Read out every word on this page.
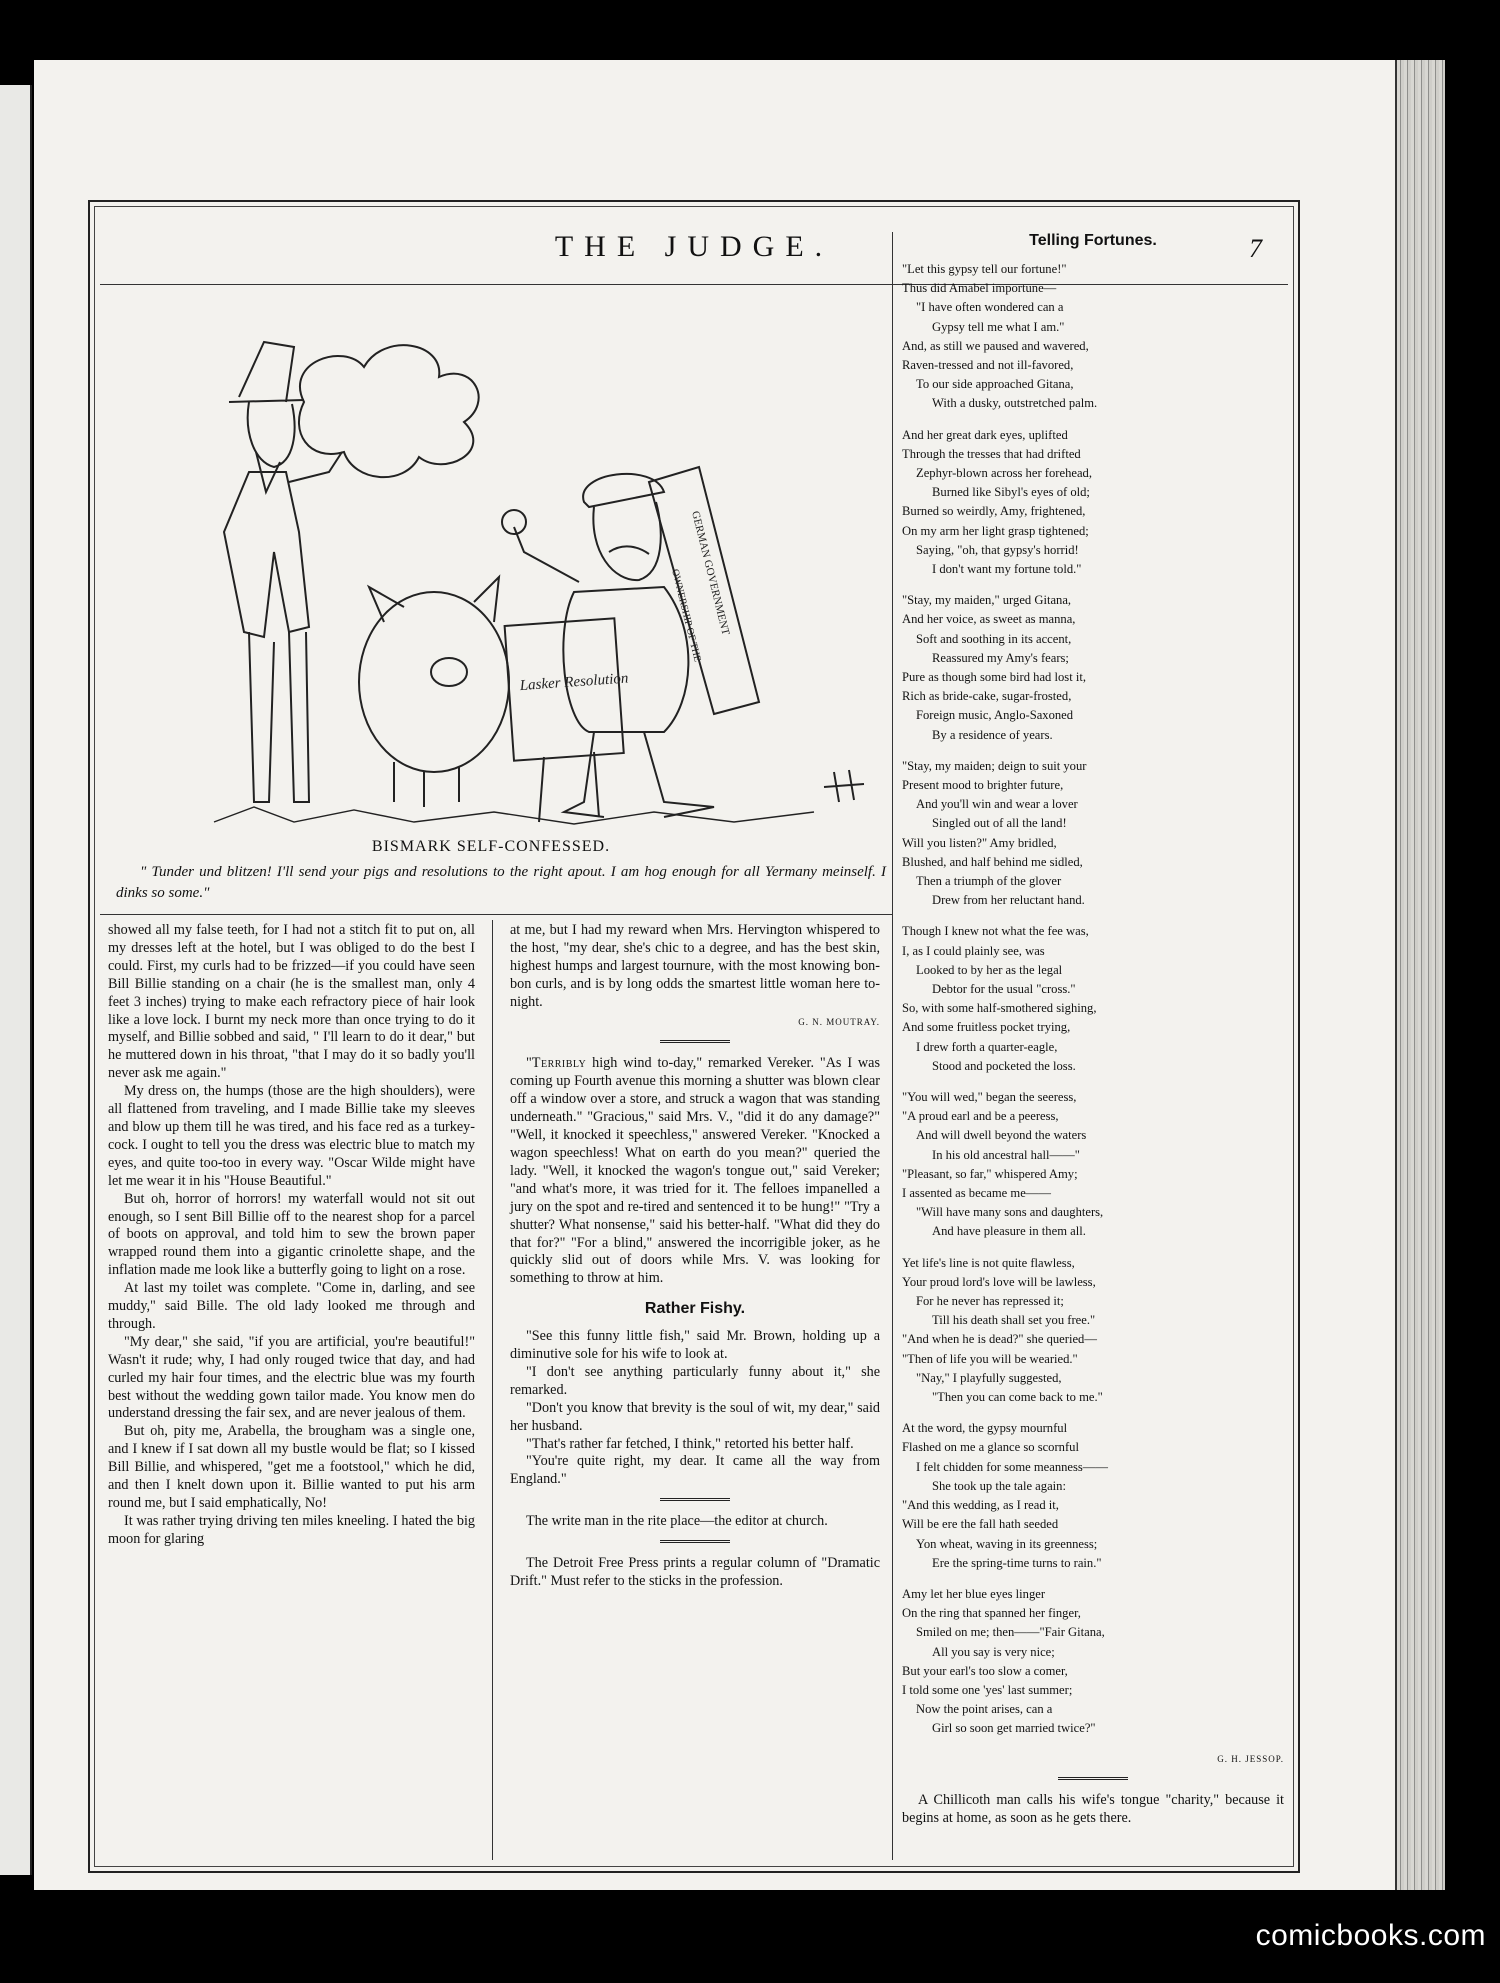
THE JUDGE.	7
Lasker Resolution
GERMAN GOVERNMENT
OWNERSHIP OF THE
BISMARK SELF-CONFESSED.
" Tunder und blitzen! I'll send your pigs and resolutions to the right apout. I am hog enough for all Yermany meinself. I dinks so some."

showed all my false teeth, for I had not a stitch fit to put on, all my dresses left at the hotel, but I was obliged to do the best I could. First, my curls had to be frizzed—if you could have seen Bill Billie standing on a chair (he is the smallest man, only 4 feet 3 inches) trying to make each refractory piece of hair look like a love lock. I burnt my neck more than once trying to do it myself, and Billie sobbed and said, " I'll learn to do it dear," but he muttered down in his throat, "that I may do it so badly you'll never ask me again."

My dress on, the humps (those are the high shoulders), were all flattened from traveling, and I made Billie take my sleeves and blow up them till he was tired, and his face red as a turkey-cock. I ought to tell you the dress was electric blue to match my eyes, and quite too-too in every way. "Oscar Wilde might have let me wear it in his "House Beautiful."

But oh, horror of horrors! my waterfall would not sit out enough, so I sent Bill Billie off to the nearest shop for a parcel of boots on approval, and told him to sew the brown paper wrapped round them into a gigantic crinolette shape, and the inflation made me look like a butterfly going to light on a rose.

At last my toilet was complete. "Come in, darling, and see muddy," said Bille. The old lady looked me through and through.

"My dear," she said, "if you are artificial, you're beautiful!" Wasn't it rude; why, I had only rouged twice that day, and had curled my hair four times, and the electric blue was my fourth best without the wedding gown tailor made. You know men do understand dressing the fair sex, and are never jealous of them.

But oh, pity me, Arabella, the brougham was a single one, and I knew if I sat down all my bustle would be flat; so I kissed Bill Billie, and whispered, "get me a footstool," which he did, and then I knelt down upon it. Billie wanted to put his arm round me, but I said emphatically, No!

It was rather trying driving ten miles kneeling. I hated the big moon for glaring

at me, but I had my reward when Mrs. Hervington whispered to the host, "my dear, she's chic to a degree, and has the best skin, highest humps and largest tournure, with the most knowing bon-bon curls, and is by long odds the smartest little woman here to-night.

G. N. MOUTRAY.

"Terribly high wind to-day," remarked Vereker. "As I was coming up Fourth avenue this morning a shutter was blown clear off a window over a store, and struck a wagon that was standing underneath." "Gracious," said Mrs. V., "did it do any damage?" "Well, it knocked it speechless," answered Vereker. "Knocked a wagon speechless! What on earth do you mean?" queried the lady. "Well, it knocked the wagon's tongue out," said Vereker; "and what's more, it was tried for it. The felloes impanelled a jury on the spot and re-tired and sentenced it to be hung!" "Try a shutter? What nonsense," said his better-half. "What did they do that for?" "For a blind," answered the incorrigible joker, as he quickly slid out of doors while Mrs. V. was looking for something to throw at him.

Rather Fishy.

"See this funny little fish," said Mr. Brown, holding up a diminutive sole for his wife to look at.

"I don't see anything particularly funny about it," she remarked.

"Don't you know that brevity is the soul of wit, my dear," said her husband.

"That's rather far fetched, I think," retorted his better half.

"You're quite right, my dear. It came all the way from England."

The write man in the rite place—the editor at church.

The Detroit Free Press prints a regular column of "Dramatic Drift." Must refer to the sticks in the profession.

Telling Fortunes.
"Let this gypsy tell our fortune!"
Thus did Amabel importune—
"I have often wondered can a
Gypsy tell me what I am."
And, as still we paused and wavered,
Raven-tressed and not ill-favored,
To our side approached Gitana,
With a dusky, outstretched palm.
And her great dark eyes, uplifted
Through the tresses that had drifted
Zephyr-blown across her forehead,
Burned like Sibyl's eyes of old;
Burned so weirdly, Amy, frightened,
On my arm her light grasp tightened;
Saying, "oh, that gypsy's horrid!
I don't want my fortune told."
"Stay, my maiden," urged Gitana,
And her voice, as sweet as manna,
Soft and soothing in its accent,
Reassured my Amy's fears;
Pure as though some bird had lost it,
Rich as bride-cake, sugar-frosted,
Foreign music, Anglo-Saxoned
By a residence of years.
"Stay, my maiden; deign to suit your
Present mood to brighter future,
And you'll win and wear a lover
Singled out of all the land!
Will you listen?" Amy bridled,
Blushed, and half behind me sidled,
Then a triumph of the glover
Drew from her reluctant hand.
Though I knew not what the fee was,
I, as I could plainly see, was
Looked to by her as the legal
Debtor for the usual "cross."
So, with some half-smothered sighing,
And some fruitless pocket trying,
I drew forth a quarter-eagle,
Stood and pocketed the loss.
"You will wed," began the seeress,
"A proud earl and be a peeress,
And will dwell beyond the waters
In his old ancestral hall——"
"Pleasant, so far," whispered Amy;
I assented as became me——
"Will have many sons and daughters,
And have pleasure in them all.
Yet life's line is not quite flawless,
Your proud lord's love will be lawless,
For he never has repressed it;
Till his death shall set you free."
"And when he is dead?" she queried—
"Then of life you will be wearied."
"Nay," I playfully suggested,
"Then you can come back to me."
At the word, the gypsy mournful
Flashed on me a glance so scornful
I felt chidden for some meanness——
She took up the tale again:
"And this wedding, as I read it,
Will be ere the fall hath seeded
Yon wheat, waving in its greenness;
Ere the spring-time turns to rain."
Amy let her blue eyes linger
On the ring that spanned her finger,
Smiled on me; then——"Fair Gitana,
All you say is very nice;
But your earl's too slow a comer,
I told some one 'yes' last summer;
Now the point arises, can a
Girl so soon get married twice?"

G. H. JESSOP.

A Chillicoth man calls his wife's tongue "charity," because it begins at home, as soon as he gets there.

comicbooks.com
